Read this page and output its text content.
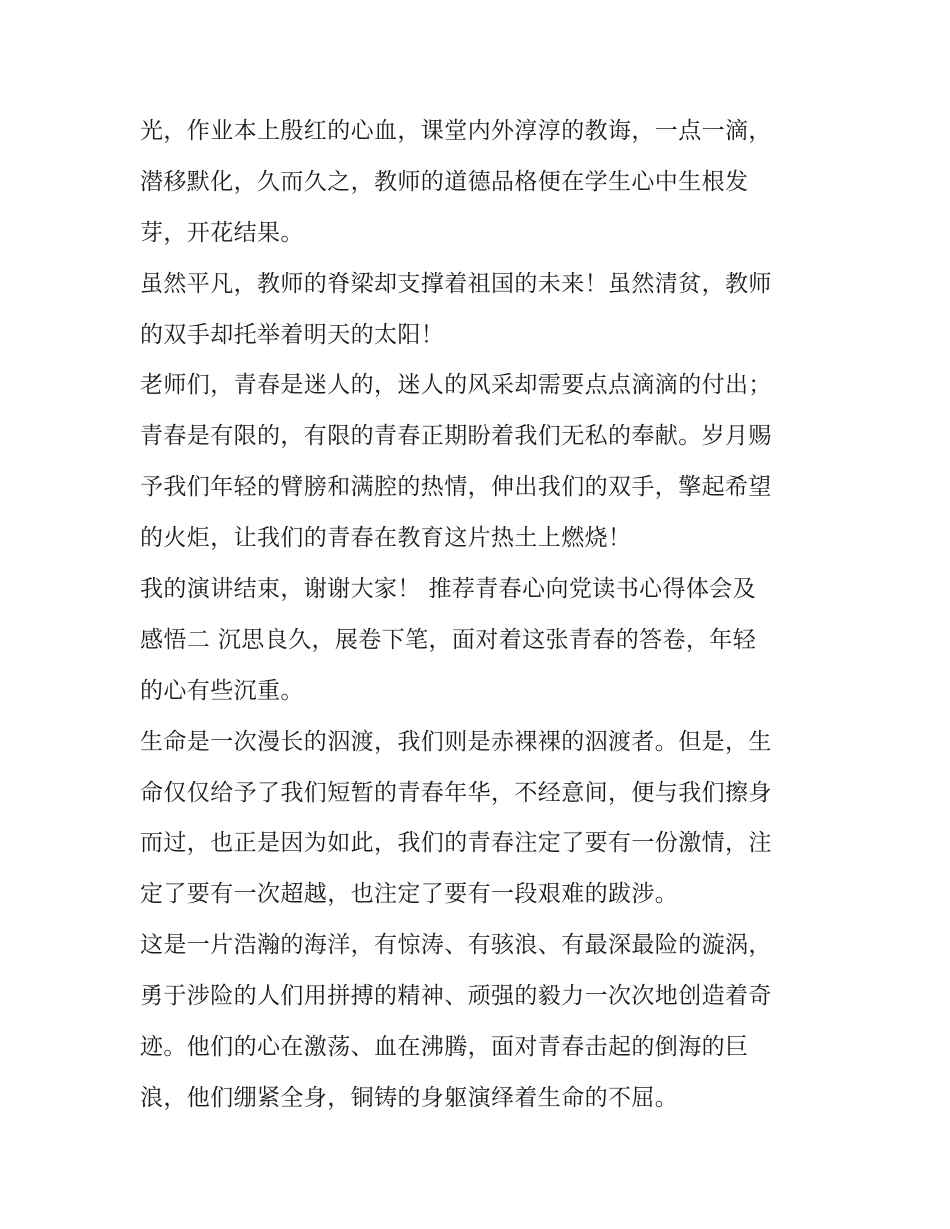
光，作业本上殷红的心血，课堂内外淳淳的教诲，一点一滴，
潜移默化，久而久之，教师的道德品格便在学生心中生根发
芽，开花结果。

虽然平凡，教师的脊梁却支撑着祖国的未来！虽然清贫，教师
的双手却托举着明天的太阳！

老师们，青春是迷人的，迷人的风采却需要点点滴滴的付出；
青春是有限的，有限的青春正期盼着我们无私的奉献。岁月赐
予我们年轻的臂膀和满腔的热情，伸出我们的双手，擎起希望
的火炬，让我们的青春在教育这片热土上燃烧！

我的演讲结束，谢谢大家！ 推荐青春心向党读书心得体会及
感悟二 沉思良久，展卷下笔，面对着这张青春的答卷，年轻
的心有些沉重。

生命是一次漫长的泅渡，我们则是赤裸裸的泅渡者。但是，生
命仅仅给予了我们短暂的青春年华，不经意间，便与我们擦身
而过，也正是因为如此，我们的青春注定了要有一份激情，注
定了要有一次超越，也注定了要有一段艰难的跋涉。

这是一片浩瀚的海洋，有惊涛、有骇浪、有最深最险的漩涡，
勇于涉险的人们用拼搏的精神、顽强的毅力一次次地创造着奇
迹。他们的心在激荡、血在沸腾，面对青春击起的倒海的巨
浪，他们绷紧全身，铜铸的身躯演绎着生命的不屈。
